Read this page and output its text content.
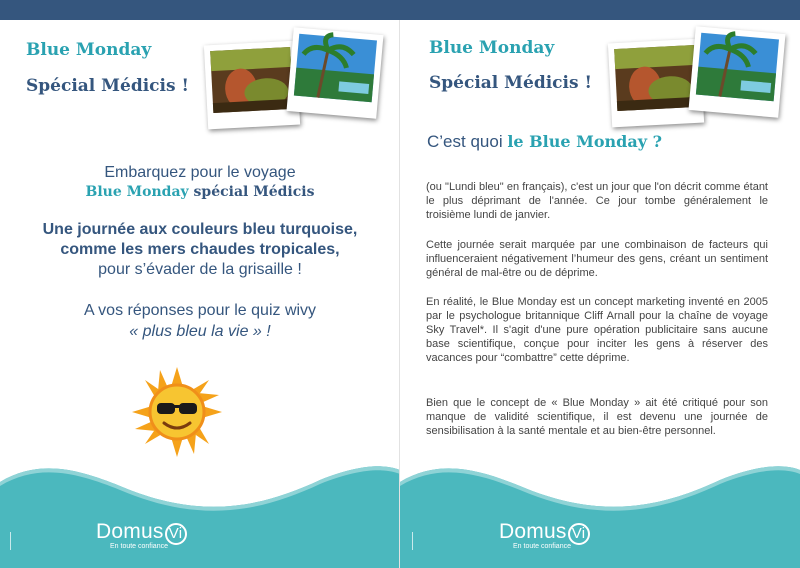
Blue Monday
Spécial Médicis !
Embarquez pour le voyage
Blue Monday spécial Médicis
Une journée aux couleurs bleu turquoise,
comme les mers chaudes tropicales,
pour s’évader de la grisaille !
A vos réponses pour le quiz wivy
« plus bleu la vie » !
Domus Vi
En toute confiance
Blue Monday
Spécial Médicis !
C’est quoi le Blue Monday ?
(ou "Lundi bleu" en français), c'est un jour que l'on décrit comme étant le plus déprimant de l'année. Ce jour tombe généralement le troisième lundi de janvier.
Cette journée serait marquée par une combinaison de facteurs qui influenceraient négativement l’humeur des gens, créant un sentiment général de mal-être ou de déprime.
En réalité, le Blue Monday est un concept marketing inventé en 2005 par le psychologue britannique Cliff Arnall pour la chaîne de voyage Sky Travel*. Il s'agit d'une pure opération publicitaire sans aucune base scientifique, conçue pour inciter les gens à réserver des vacances pour “combattre” cette déprime.
Bien que le concept de « Blue Monday » ait été critiqué pour son manque de validité scientifique, il est devenu une journée de sensibilisation à la santé mentale et au bien-être personnel.
Domus Vi
En toute confiance
